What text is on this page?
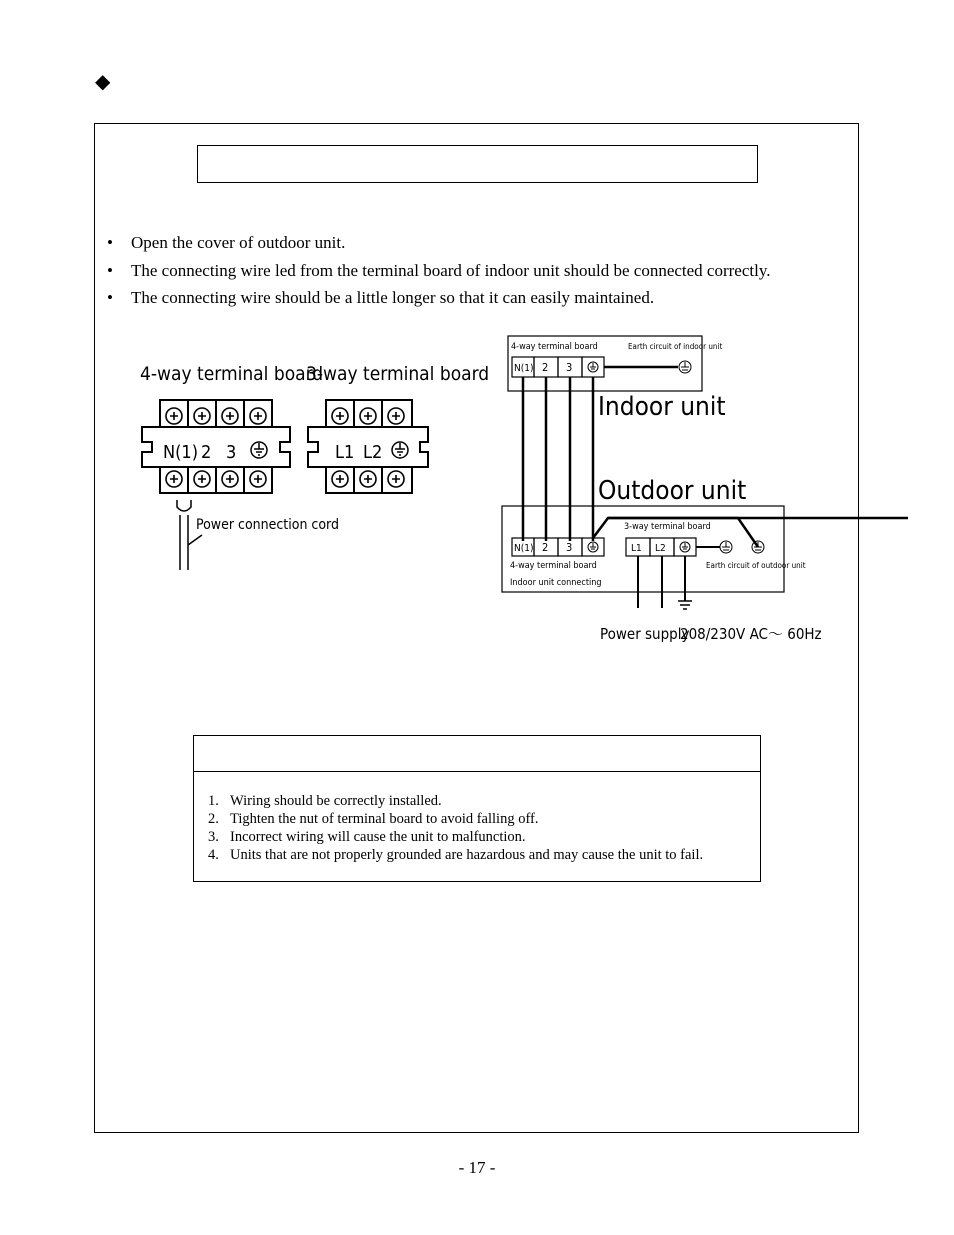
◆
• Open the cover of outdoor unit.
• The connecting wire led from the terminal board of indoor unit should be connected correctly.
• The connecting wire should be a little longer so that it can easily maintained.
4-way terminal board
3-way terminal board
N(1) 2 3	L1 L2
Power connection cord
4-way terminal board	Earth circuit of indoor unit
N(1) 2 3
Indoor unit
Outdoor unit
N(1) 2 3
4-way terminal board
Indoor unit connecting
3-way terminal board
L1 L2
Earth circuit of outdoor unit
Power supply
208/230V AC～ 60Hz
1. Wiring should be correctly installed.
2. Tighten the nut of terminal board to avoid falling off.
3. Incorrect wiring will cause the unit to malfunction.
4. Units that are not properly grounded are hazardous and may cause the unit to fail.
- 17 -
